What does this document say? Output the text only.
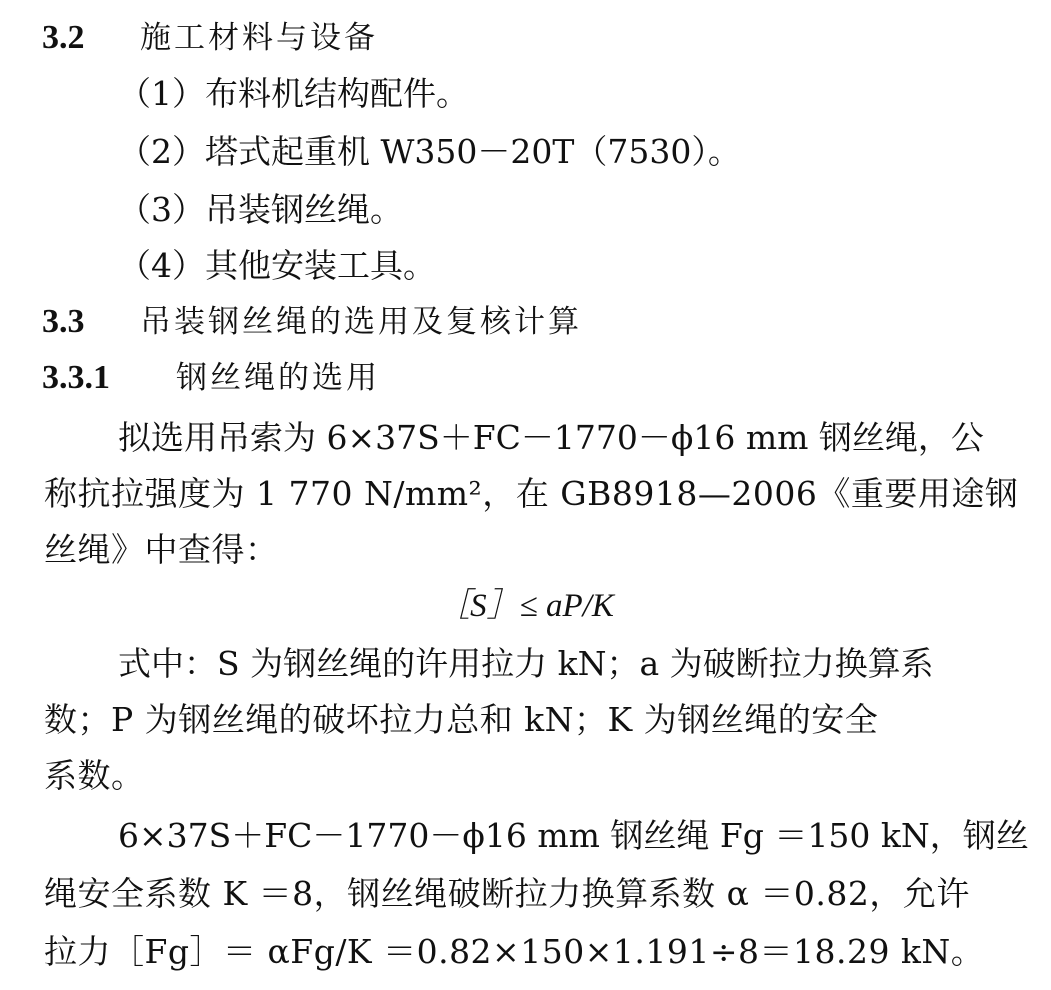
3.2 施工材料与设备
（1）布料机结构配件。
（2）塔式起重机 W350－20T（7530）。
（3）吊装钢丝绳。
（4）其他安装工具。
3.3 吊装钢丝绳的选用及复核计算
3.3.1 钢丝绳的选用
拟选用吊索为 6×37S＋FC－1770－ϕ16 mm 钢丝绳，公
称抗拉强度为 1 770 N/mm²，在 GB8918—2006《重要用途钢
丝绳》中查得：
［S］≤ aP/K
式中：S 为钢丝绳的许用拉力 kN；a 为破断拉力换算系
数；P 为钢丝绳的破坏拉力总和 kN；K 为钢丝绳的安全
系数。
6×37S＋FC－1770－ϕ16 mm 钢丝绳 Fg ＝150 kN，钢丝
绳安全系数 K ＝8，钢丝绳破断拉力换算系数 α ＝0.82，允许
拉力［Fg］＝ αFg/K ＝0.82×150×1.191÷8＝18.29 kN。
